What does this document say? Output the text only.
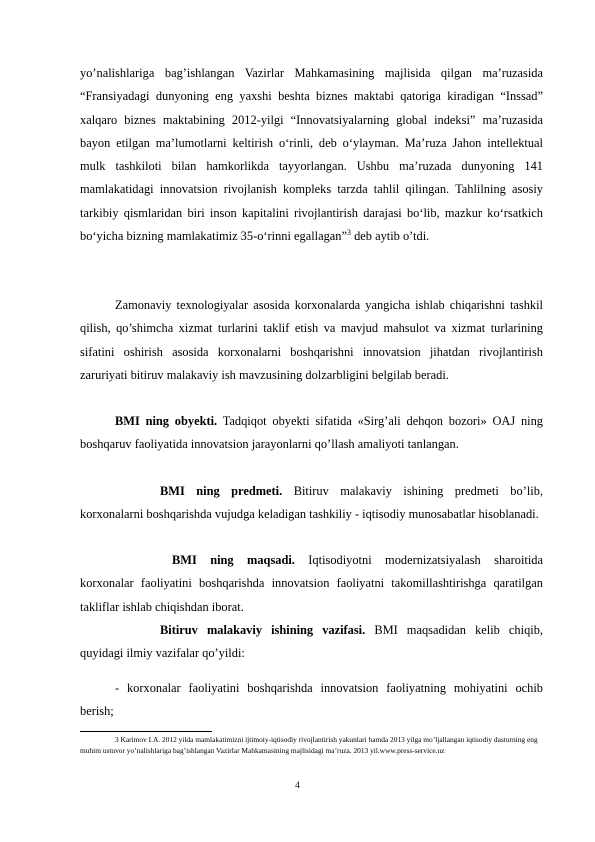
yo’nalishlariga bag’ishlangan Vazirlar Mahkamasining majlisida qilgan ma’ruzasida “Fransiyadagi dunyoning eng yaxshi beshta biznes maktabi qatoriga kiradigan “Inssad” xalqaro biznes maktabining 2012-yilgi “Innovatsiyalarning global indeksi” ma’ruzasida bayon etilgan ma’lumotlarni keltirish o‘rinli, deb o‘ylayman. Ma’ruza Jahon intellektual mulk tashkiloti bilan hamkorlikda tayyorlangan. Ushbu ma’ruzada dunyoning 141 mamlakatidagi innovatsion rivojlanish kompleks tarzda tahlil qilingan. Tahlilning asosiy tarkibiy qismlaridan biri inson kapitalini rivojlantirish darajasi bo‘lib, mazkur ko‘rsatkich bo‘yicha bizning mamlakatimiz 35-o‘rinni egallagan”$^3$ deb aytib o’tdi.

Zamonaviy texnologiyalar asosida korxonalarda yangicha ishlab chiqarishni tashkil qilish, qo’shimcha xizmat turlarini taklif etish va mavjud mahsulot va xizmat turlarining sifatini oshirish asosida korxonalarni boshqarishni innovatsion jihatdan rivojlantirish zaruriyati bitiruv malakaviy ish mavzusining dolzarbligini belgilab beradi.

BMI ning obyekti. Tadqiqot obyekti sifatida «Sirg’ali dehqon bozori» OAJ ning boshqaruv faoliyatida innovatsion jarayonlarni qo’llash amaliyoti tanlangan.

BMI ning predmeti. Bitiruv malakaviy ishining predmeti bo’lib, korxonalarni boshqarishda vujudga keladigan tashkiliy - iqtisodiy munosabatlar hisoblanadi.

BMI ning maqsadi. Iqtisodiyotni modernizatsiyalash sharoitida korxonalar faoliyatini boshqarishda innovatsion faoliyatni takomillashtirishga qaratilgan takliflar ishlab chiqishdan iborat.

Bitiruv malakaviy ishining vazifasi. BMI maqsadidan kelib chiqib, quyidagi ilmiy vazifalar qo’yildi:

- korxonalar faoliyatini boshqarishda innovatsion faoliyatning mohiyatini ochib berish;

3 Karimov I.A. 2012 yilda mamlakatimizni ijtimoiy-iqtisodiy rivojlantirish yakunlari hamda 2013 yilga mo’ljallangan iqtisodiy dasturning eng muhim ustuvor yo’nalishlariga bag’ishlangan Vazirlar Mahkamasining majlisidagi ma’ruza. 2013 yil.www.press-service.uz

4
